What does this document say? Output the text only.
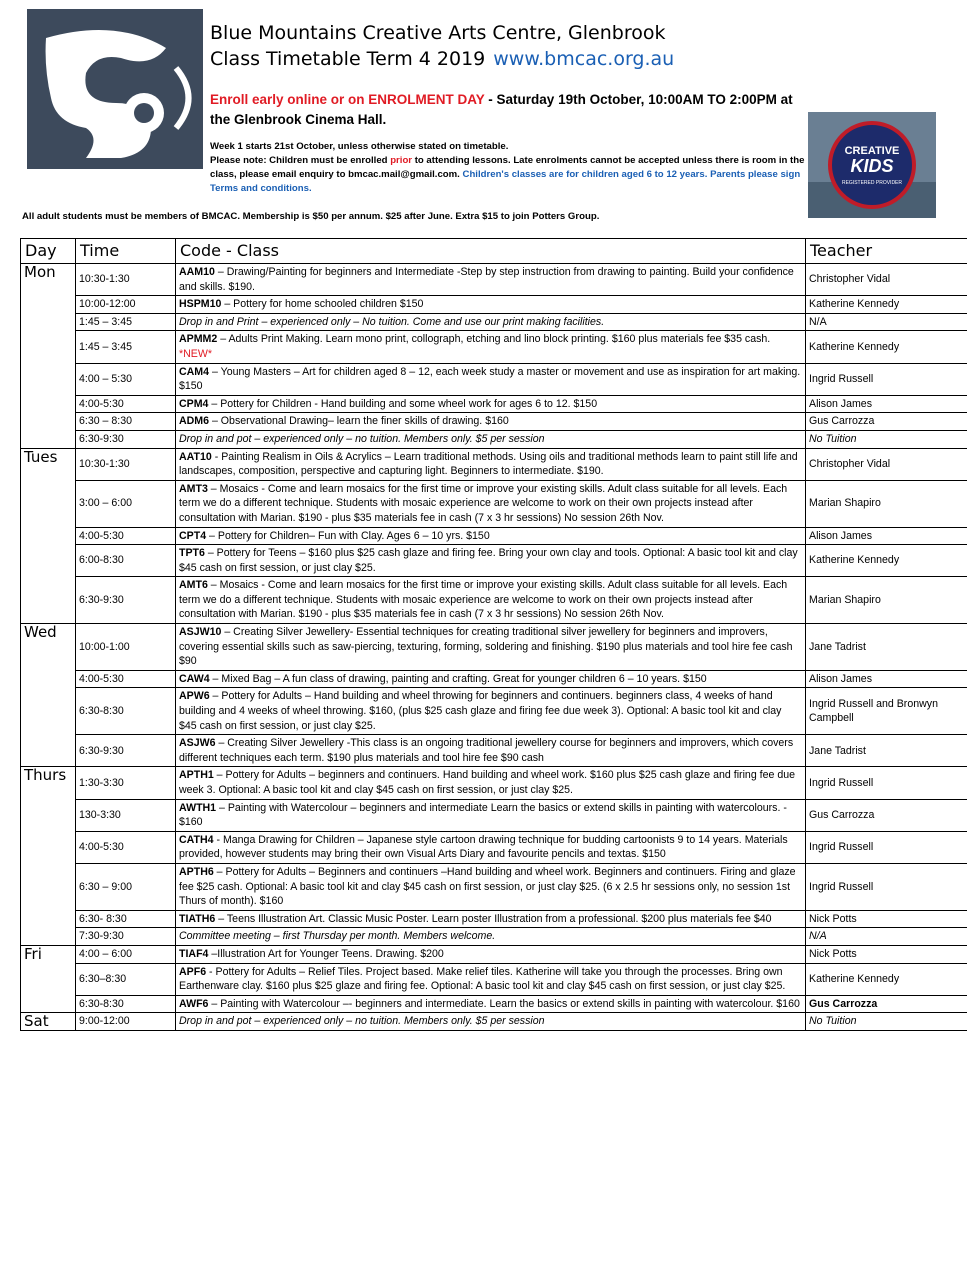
Blue Mountains Creative Arts Centre, Glenbrook
Class Timetable Term 4 2019 www.bmcac.org.au
Enroll early online or on ENROLMENT DAY - Saturday 19th October, 10:00AM TO 2:00PM at the Glenbrook Cinema Hall.
Week 1 starts 21st October, unless otherwise stated on timetable.
Please note: Children must be enrolled prior to attending lessons. Late enrolments cannot be accepted unless there is room in the class, please email enquiry to bmcac.mail@gmail.com. Children's classes are for children aged 6 to 12 years. Parents please sign Terms and conditions.
CREATIVE
KIDS
REGISTERED PROVIDER
All adult students must be members of BMCAC. Membership is $50 per annum. $25 after June. Extra $15 to join Potters Group.
Day	Time	Code - Class	Teacher
Mon	10:30-1:30	AAM10 – Drawing/Painting for beginners and Intermediate -Step by step instruction from drawing to painting. Build your confidence and skills. $190.	Christopher Vidal
	10:00-12:00	HSPM10 – Pottery for home schooled children $150	Katherine Kennedy
	1:45 – 3:45	Drop in and Print – experienced only – No tuition. Come and use our print making facilities.	N/A
	1:45 – 3:45	APMM2 – Adults Print Making. Learn mono print, collograph, etching and lino block printing. $160 plus materials fee $35 cash. *NEW*	Katherine Kennedy
	4:00 – 5:30	CAM4 – Young Masters – Art for children aged 8 – 12, each week study a master or movement and use as inspiration for art making. $150	Ingrid Russell
	4:00-5:30	CPM4 – Pottery for Children - Hand building and some wheel work for ages 6 to 12. $150	Alison James
	6:30 – 8:30	ADM6 – Observational Drawing– learn the finer skills of drawing. $160	Gus Carrozza
	6:30-9:30	Drop in and pot – experienced only – no tuition. Members only. $5 per session	No Tuition
Tues	10:30-1:30	AAT10 - Painting Realism in Oils & Acrylics – Learn traditional methods. Using oils and traditional methods learn to paint still life and landscapes, composition, perspective and capturing light. Beginners to intermediate. $190.	Christopher Vidal
	3:00 – 6:00	AMT3 – Mosaics - Come and learn mosaics for the first time or improve your existing skills. Adult class suitable for all levels. Each term we do a different technique. Students with mosaic experience are welcome to work on their own projects instead after consultation with Marian. $190 - plus $35 materials fee in cash (7 x 3 hr sessions) No session 26th Nov.	Marian Shapiro
	4:00-5:30	CPT4 – Pottery for Children– Fun with Clay. Ages 6 – 10 yrs. $150	Alison James
	6:00-8:30	TPT6 – Pottery for Teens – $160 plus $25 cash glaze and firing fee. Bring your own clay and tools. Optional: A basic tool kit and clay $45 cash on first session, or just clay $25.	Katherine Kennedy
	6:30-9:30	AMT6 – Mosaics - Come and learn mosaics for the first time or improve your existing skills. Adult class suitable for all levels. Each term we do a different technique. Students with mosaic experience are welcome to work on their own projects instead after consultation with Marian. $190 - plus $35 materials fee in cash (7 x 3 hr sessions) No session 26th Nov.	Marian Shapiro
Wed	10:00-1:00	ASJW10 – Creating Silver Jewellery- Essential techniques for creating traditional silver jewellery for beginners and improvers, covering essential skills such as saw-piercing, texturing, forming, soldering and finishing. $190 plus materials and tool hire fee cash $90	Jane Tadrist
	4:00-5:30	CAW4 – Mixed Bag – A fun class of drawing, painting and crafting. Great for younger children 6 – 10 years. $150	Alison James
	6:30-8:30	APW6 – Pottery for Adults – Hand building and wheel throwing for beginners and continuers. beginners class, 4 weeks of hand building and 4 weeks of wheel throwing. $160, (plus $25 cash glaze and firing fee due week 3). Optional: A basic tool kit and clay $45 cash on first session, or just clay $25.	Ingrid Russell and Bronwyn Campbell
	6:30-9:30	ASJW6 – Creating Silver Jewellery -This class is an ongoing traditional jewellery course for beginners and improvers, which covers different techniques each term. $190 plus materials and tool hire fee $90 cash	Jane Tadrist
Thurs	1:30-3:30	APTH1 – Pottery for Adults – beginners and continuers. Hand building and wheel work. $160 plus $25 cash glaze and firing fee due week 3. Optional: A basic tool kit and clay $45 cash on first session, or just clay $25.	Ingrid Russell
	130-3:30	AWTH1 – Painting with Watercolour – beginners and intermediate Learn the basics or extend skills in painting with watercolours. - $160	Gus Carrozza
	4:00-5:30	CATH4 - Manga Drawing for Children – Japanese style cartoon drawing technique for budding cartoonists 9 to 14 years. Materials provided, however students may bring their own Visual Arts Diary and favourite pencils and textas. $150	Ingrid Russell
	6:30 – 9:00	APTH6 – Pottery for Adults – Beginners and continuers –Hand building and wheel work. Beginners and continuers. Firing and glaze fee $25 cash. Optional: A basic tool kit and clay $45 cash on first session, or just clay $25. (6 x 2.5 hr sessions only, no session 1st Thurs of month). $160	Ingrid Russell
	6:30- 8:30	TIATH6 – Teens Illustration Art. Classic Music Poster. Learn poster Illustration from a professional. $200 plus materials fee $40	Nick Potts
	7:30-9:30	Committee meeting – first Thursday per month. Members welcome.	N/A
Fri	4:00 – 6:00	TIAF4 –Illustration Art for Younger Teens. Drawing. $200	Nick Potts
	6:30–8:30	APF6 - Pottery for Adults – Relief Tiles. Project based. Make relief tiles. Katherine will take you through the processes. Bring own Earthenware clay. $160 plus $25 glaze and firing fee. Optional: A basic tool kit and clay $45 cash on first session, or just clay $25.	Katherine Kennedy
	6:30-8:30	AWF6 – Painting with Watercolour –- beginners and intermediate. Learn the basics or extend skills in painting with watercolour. $160	Gus Carrozza
Sat	9:00-12:00	Drop in and pot – experienced only – no tuition. Members only. $5 per session	No Tuition
